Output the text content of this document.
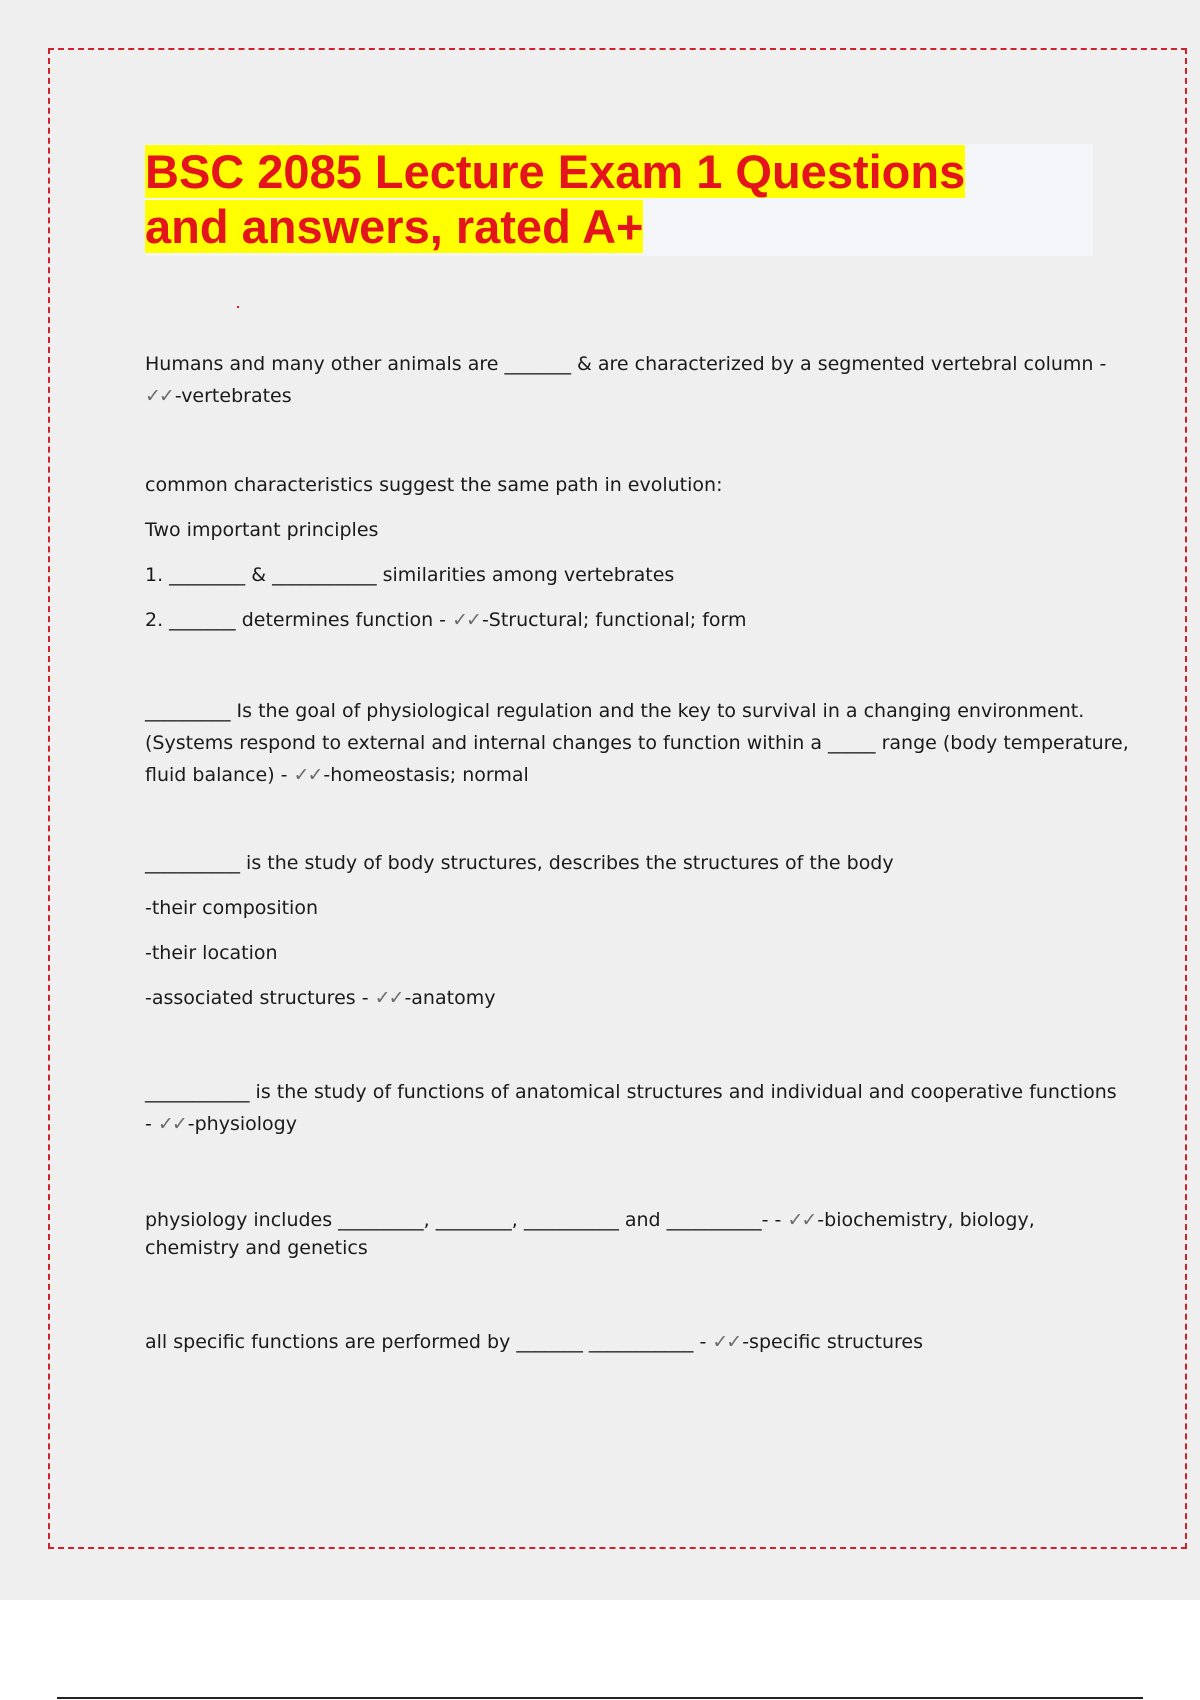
BSC 2085 Lecture Exam 1 Questions
and answers, rated A+
Humans and many other animals are _______ & are characterized by a segmented vertebral column -
✓✓ -vertebrates
common characteristics suggest the same path in evolution:
Two important principles
1. ________ & ___________ similarities among vertebrates
2. _______ determines function - ✓✓ -Structural; functional; form
_________ Is the goal of physiological regulation and the key to survival in a changing environment.
(Systems respond to external and internal changes to function within a _____ range (body temperature,
fluid balance) - ✓✓ -homeostasis; normal
__________ is the study of body structures, describes the structures of the body
-their composition
-their location
-associated structures - ✓✓ -anatomy
___________ is the study of functions of anatomical structures and individual and cooperative functions
- ✓✓ -physiology
physiology includes _________, ________, __________ and __________- - ✓✓ -biochemistry, biology,
chemistry and genetics
all specific functions are performed by _______ ___________ - ✓✓ -specific structures
